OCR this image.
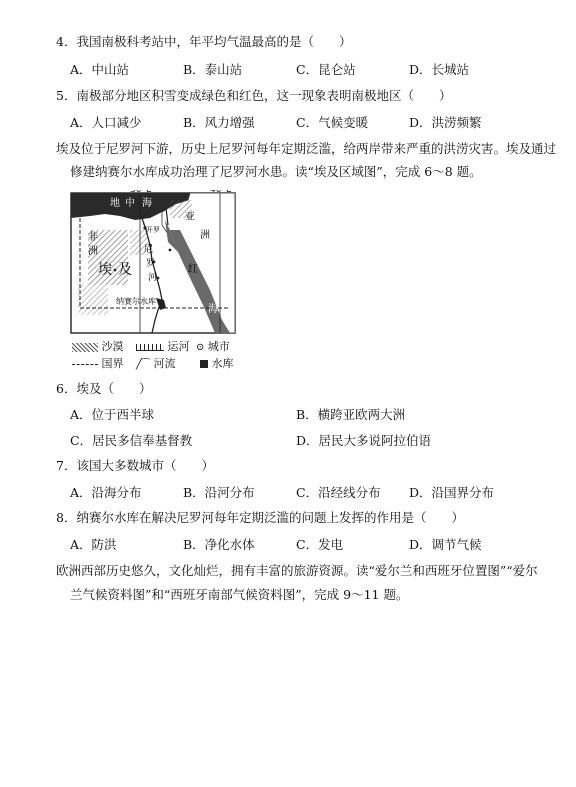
4．我国南极科考站中，年平均气温最高的是（　　）
A．中山站	B．泰山站	C．昆仑站	D．长城站
5．南极部分地区积雪变成绿色和红色，这一现象表明南极地区（　　）
A．人口减少	B．风力增强	C．气候变暖	D．洪涝频繁
埃及位于尼罗河下游，历史上尼罗河每年定期泛滥，给两岸带来严重的洪涝灾害。埃及通过
修建纳赛尔水库成功治理了尼罗河水患。读“埃及区域图”，完成 6～8 题。
地 中 海
30°E	40°E
亚
洲
非
洲
埃 及
开罗
尼
罗
河
红
海
纳赛尔水库
沙漠	运河 ⊙ 城市
国界 ╱⌒ 河流	水库
6．埃及（　　）
A．位于西半球	B．横跨亚欧两大洲
C．居民多信奉基督教	D．居民大多说阿拉伯语
7．该国大多数城市（　　）
A．沿海分布	B．沿河分布	C．沿经线分布 D．沿国界分布
8．纳赛尔水库在解决尼罗河每年定期泛滥的问题上发挥的作用是（　　）
A．防洪	B．净化水体	C．发电	D．调节气候
欧洲西部历史悠久，文化灿烂，拥有丰富的旅游资源。读“爱尔兰和西班牙位置图”“爱尔
兰气候资料图”和“西班牙南部气候资料图”，完成 9～11 题。
